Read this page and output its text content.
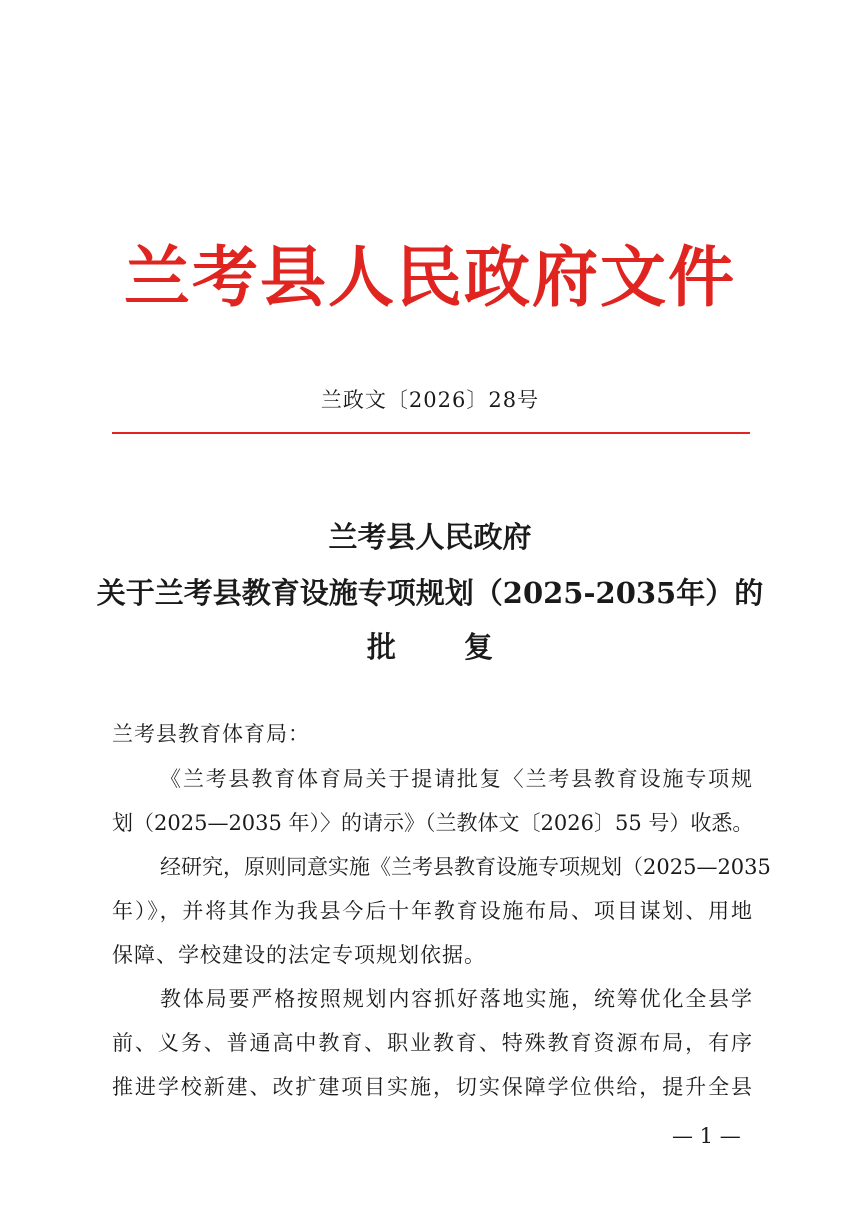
兰考县人民政府文件
兰政文〔2026〕28号
兰考县人民政府
关于兰考县教育设施专项规划（2025-2035年）的
批 复
兰考县教育体育局：
《兰考县教育体育局关于提请批复〈兰考县教育设施专项规
划（2025—2035 年）〉的请示》（兰教体文〔2026〕55 号）收悉。
经研究，原则同意实施《兰考县教育设施专项规划（2025—2035
年）》，并将其作为我县今后十年教育设施布局、项目谋划、用地
保障、学校建设的法定专项规划依据。
教体局要严格按照规划内容抓好落地实施，统筹优化全县学
前、义务、普通高中教育、职业教育、特殊教育资源布局，有序
推进学校新建、改扩建项目实施，切实保障学位供给，提升全县
— 1 —
